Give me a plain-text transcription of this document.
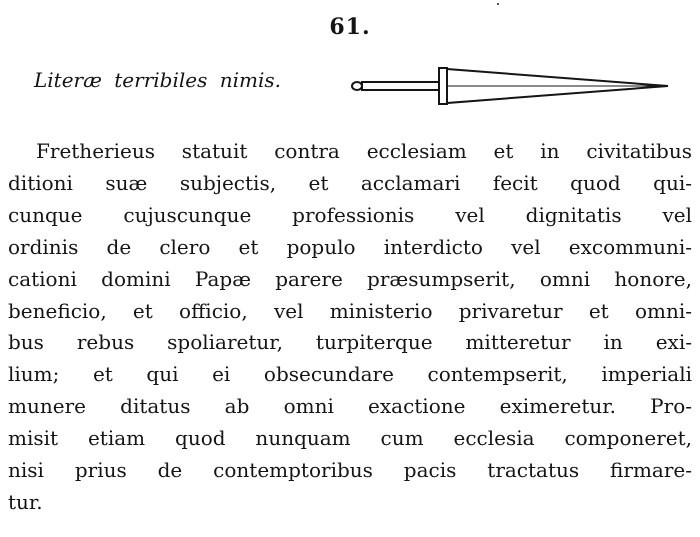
61.
Literæ terribiles nimis.
Fretherieus statuit contra ecclesiam et in civitatibus
ditioni suæ subjectis, et acclamari fecit quod qui-
cunque cujuscunque professionis vel dignitatis vel
ordinis de clero et populo interdicto vel excommuni-
cationi domini Papæ parere præsumpserit, omni honore,
beneficio, et officio, vel ministerio privaretur et omni-
bus rebus spoliaretur, turpiterque mitteretur in exi-
lium; et qui ei obsecundare contempserit, imperiali
munere ditatus ab omni exactione eximeretur. Pro-
misit etiam quod nunquam cum ecclesia componeret,
nisi prius de contemptoribus pacis tractatus firmare-
tur.
